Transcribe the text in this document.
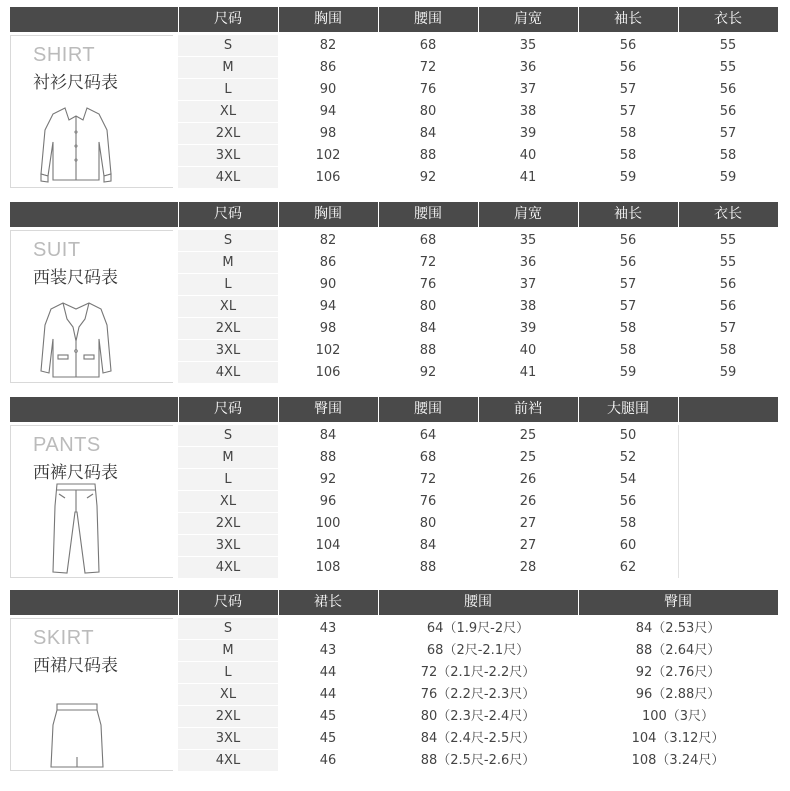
尺码	胸围	腰围	肩宽	袖长	衣长
SHIRT
衬衫尺码表
S	82	68	35	56	55
M	86	72	36	56	55
L	90	76	37	57	56
XL	94	80	38	57	56
2XL	98	84	39	58	57
3XL	102	88	40	58	58
4XL	106	92	41	59	59
尺码	胸围	腰围	肩宽	袖长	衣长
SUIT
西装尺码表
S	82	68	35	56	55
M	86	72	36	56	55
L	90	76	37	57	56
XL	94	80	38	57	56
2XL	98	84	39	58	57
3XL	102	88	40	58	58
4XL	106	92	41	59	59
尺码	臀围	腰围	前裆	大腿围
PANTS
西裤尺码表
S	84	64	25	50
M	88	68	25	52
L	92	72	26	54
XL	96	76	26	56
2XL	100	80	27	58
3XL	104	84	27	60
4XL	108	88	28	62
尺码	裙长	腰围	臀围
SKIRT
西裙尺码表
S	43	64（1.9尺-2尺）	84（2.53尺）
M	43	68（2尺-2.1尺）	88（2.64尺）
L	44	72（2.1尺-2.2尺）	92（2.76尺）
XL	44	76（2.2尺-2.3尺）	96（2.88尺）
2XL	45	80（2.3尺-2.4尺）	100（3尺）
3XL	45	84（2.4尺-2.5尺）	104（3.12尺）
4XL	46	88（2.5尺-2.6尺）	108（3.24尺）
